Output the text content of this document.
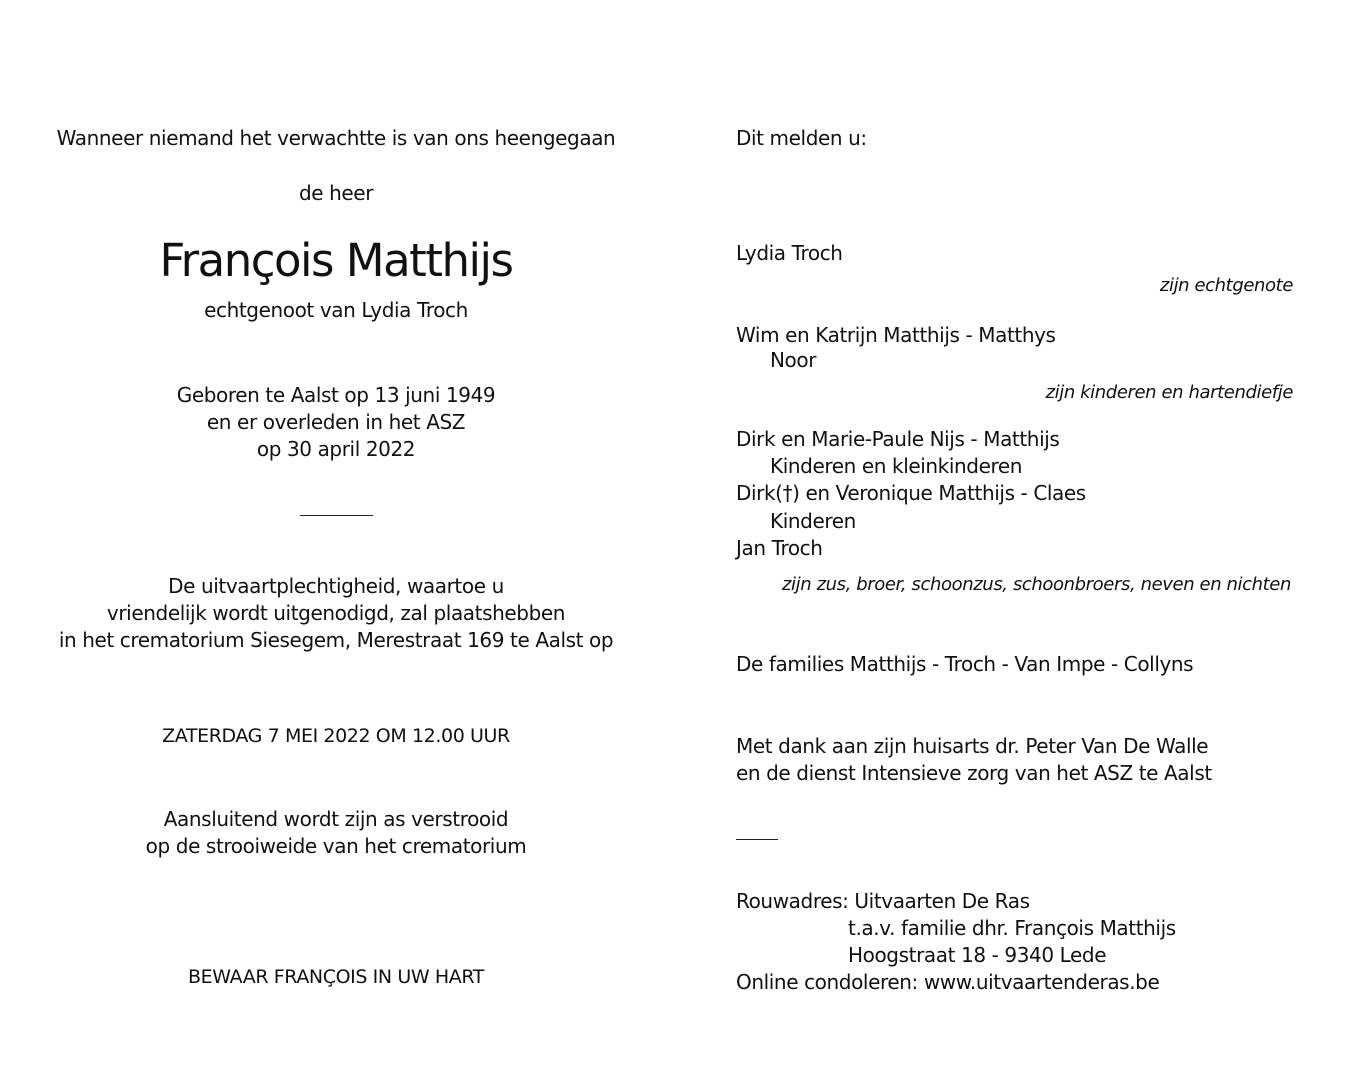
Wanneer niemand het verwachtte is van ons heengegaan
de heer
François Matthijs
echtgenoot van Lydia Troch
Geboren te Aalst op 13 juni 1949
en er overleden in het ASZ
op 30 april 2022
De uitvaartplechtigheid, waartoe u
vriendelijk wordt uitgenodigd, zal plaatshebben
in het crematorium Siesegem, Merestraat 169 te Aalst op
ZATERDAG 7 MEI 2022 OM 12.00 UUR
Aansluitend wordt zijn as verstrooid
op de strooiweide van het crematorium
BEWAAR FRANÇOIS IN UW HART
Dit melden u:
Lydia Troch
zijn echtgenote
Wim en Katrijn Matthijs - Matthys
Noor
zijn kinderen en hartendiefje
Dirk en Marie-Paule Nijs - Matthijs
Kinderen en kleinkinderen
Dirk(†) en Veronique Matthijs - Claes
Kinderen
Jan Troch
zijn zus, broer, schoonzus, schoonbroers, neven en nichten
De families Matthijs - Troch - Van Impe - Collyns
Met dank aan zijn huisarts dr. Peter Van De Walle
en de dienst Intensieve zorg van het ASZ te Aalst
Rouwadres: Uitvaarten De Ras
t.a.v. familie dhr. François Matthijs
Hoogstraat 18 - 9340 Lede
Online condoleren: www.uitvaartenderas.be
